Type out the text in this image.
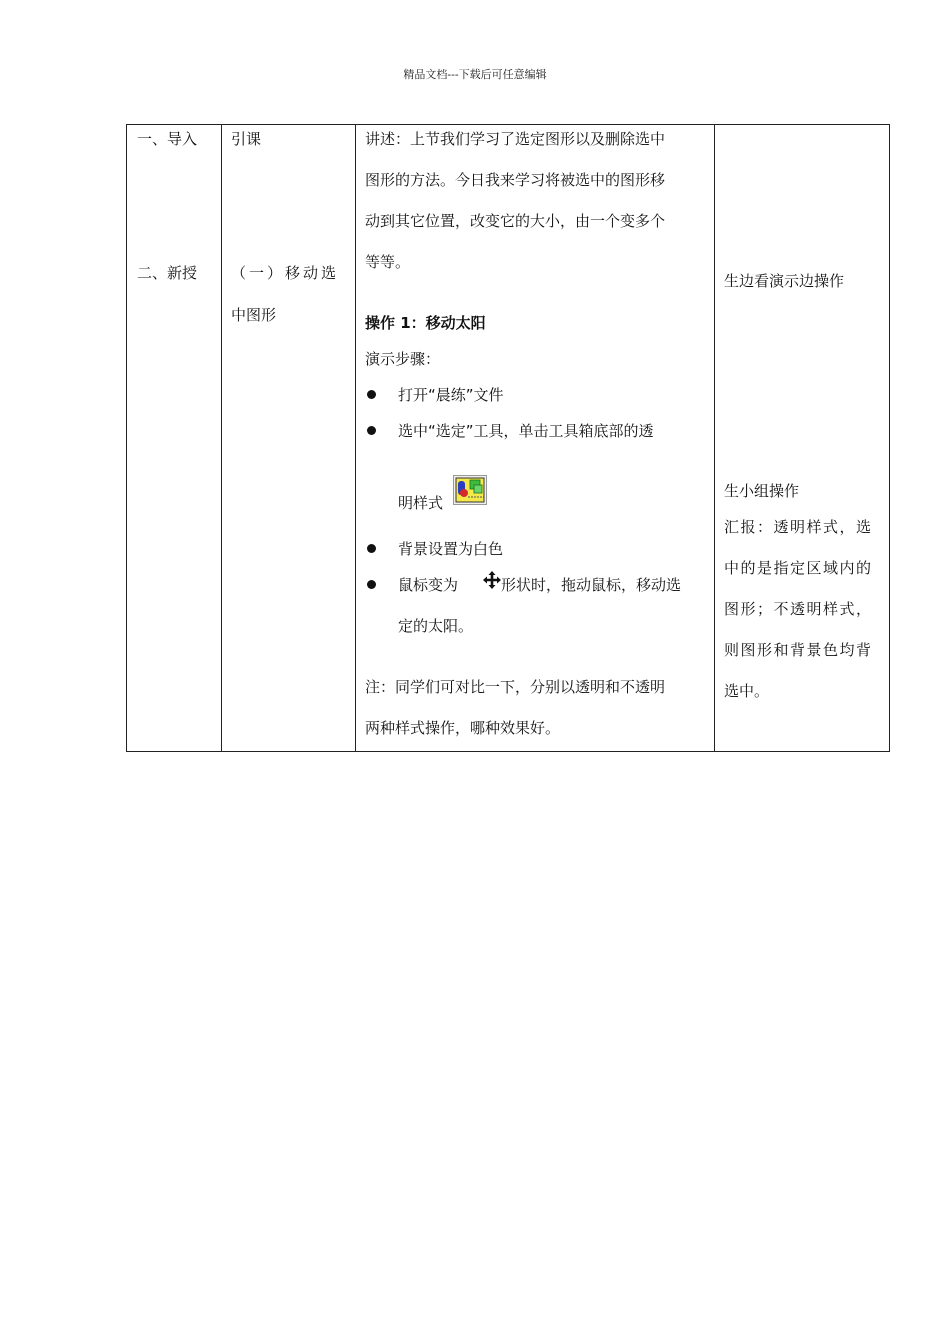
精品文档---下载后可任意编辑
一、导入
二、新授
引课
（一）移动选
中图形
讲述：上节我们学习了选定图形以及删除选中
图形的方法。今日我来学习将被选中的图形移
动到其它位置，改变它的大小，由一个变多个
等等。
操作 1：移动太阳
演示步骤：
打开“晨练”文件
选中“选定”工具，单击工具箱底部的透
明样式
背景设置为白色
鼠标变为	形状时，拖动鼠标，移动选
定的太阳。
注：同学们可对比一下，分别以透明和不透明
两种样式操作，哪种效果好。
生边看演示边操作
生小组操作
汇报：透明样式，选
中的是指定区域内的
图形；不透明样式，
则图形和背景色均背
选中。
